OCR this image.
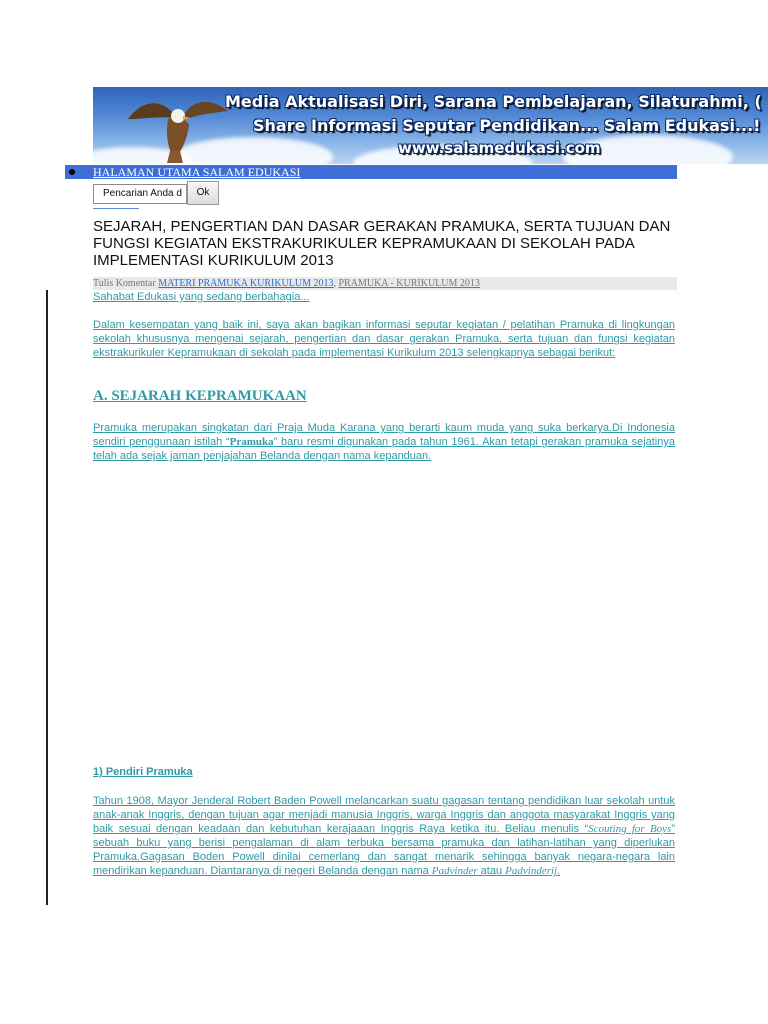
Media Aktualisasi Diri, Sarana Pembelajaran, Silaturahmi, (
Share Informasi Seputar Pendidikan... Salam Edukasi...!
www.salamedukasi.com
HALAMAN UTAMA SALAM EDUKASI
Pencarian Anda d	Ok
SEJARAH, PENGERTIAN DAN DASAR GERAKAN PRAMUKA, SERTA TUJUAN DAN FUNGSI KEGIATAN EKSTRAKURIKULER KEPRAMUKAAN DI SEKOLAH PADA IMPLEMENTASI KURIKULUM 2013
Tulis Komentar MATERI PRAMUKA KURIKULUM 2013, PRAMUKA - KURIKULUM 2013
Sahabat Edukasi yang sedang berbahagia...
Dalam kesempatan yang baik ini, saya akan bagikan informasi seputar kegiatan / pelatihan Pramuka di lingkungan sekolah khususnya mengenai sejarah, pengertian dan dasar gerakan Pramuka, serta tujuan dan fungsi kegiatan ekstrakurikuler Kepramukaan di sekolah pada implementasi Kurikulum 2013 selengkapnya sebagai berikut:
A. SEJARAH KEPRAMUKAAN
Pramuka merupakan singkatan dari Praja Muda Karana yang berarti kaum muda yang suka berkarya.Di Indonesia sendiri penggunaan istilah “Pramuka” baru resmi digunakan pada tahun 1961. Akan tetapi gerakan pramuka sejatinya telah ada sejak jaman penjajahan Belanda dengan nama kepanduan.
1) Pendiri Pramuka
Tahun 1908, Mayor Jenderal Robert Baden Powell melancarkan suatu gagasan tentang pendidikan luar sekolah untuk anak-anak Inggris, dengan tujuan agar menjadi manusia Inggris, warga Inggris dan anggota masyarakat Inggris yang baik sesuai dengan keadaan dan kebutuhan kerajaaan Inggris Raya ketika itu. Beliau menulis “Scouting for Boys” sebuah buku yang berisi pengalaman di alam terbuka bersama pramuka dan latihan-latihan yang diperlukan Pramuka.Gagasan Boden Powell dinilai cemerlang dan sangat menarik sehingga banyak negara-negara lain mendirikan kepanduan. Diantaranya di negeri Belanda dengan nama Padvinder atau Padvinderij.
